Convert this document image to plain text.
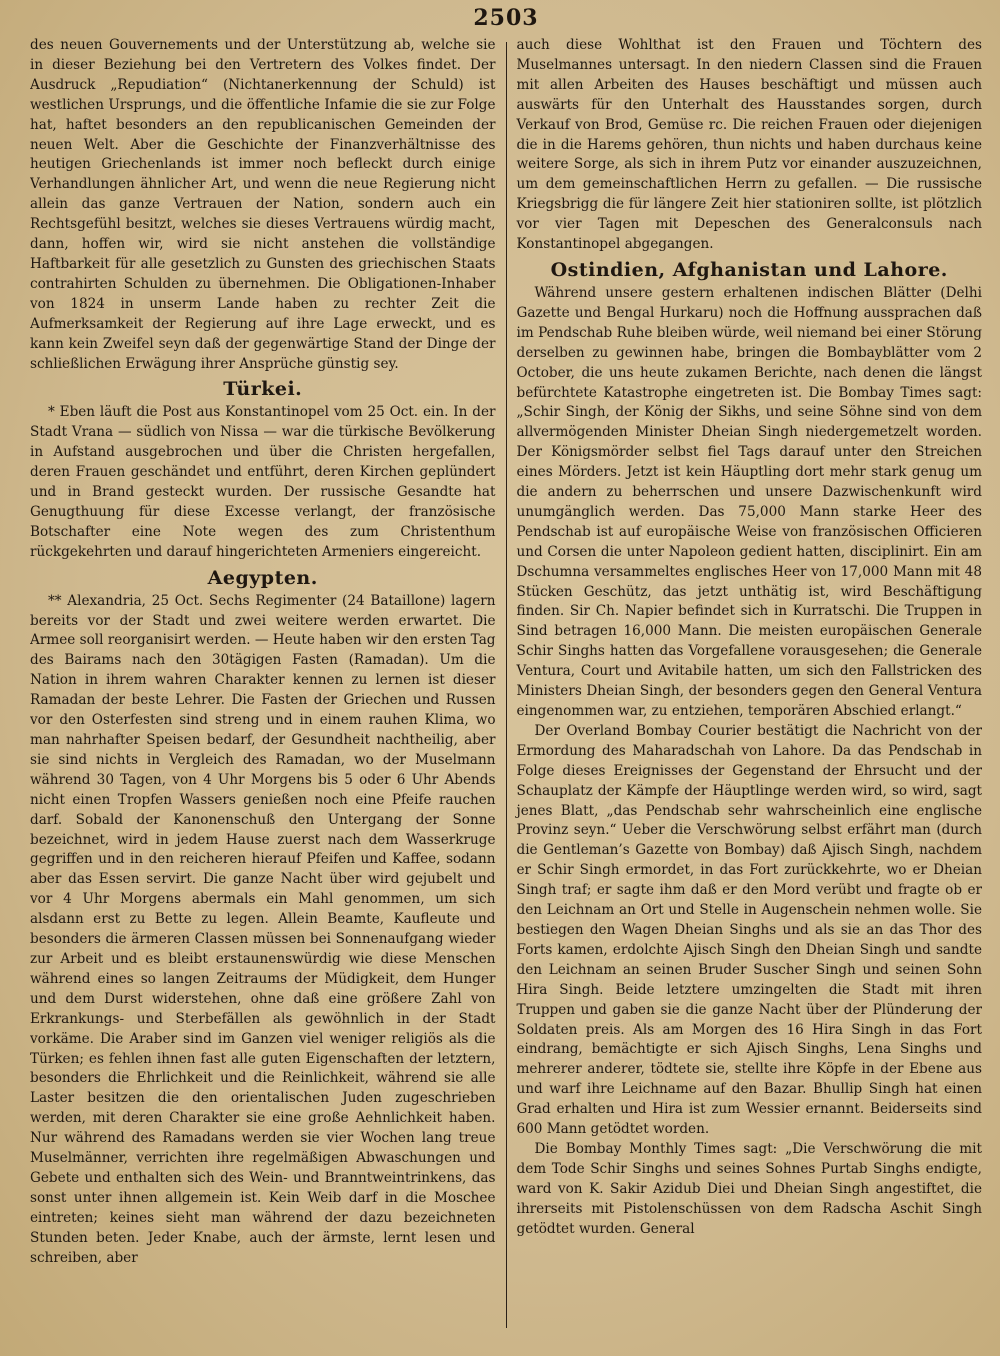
2503

des neuen Gouvernements und der Unterstützung ab, welche sie in dieser Beziehung bei den Vertretern des Volkes findet. Der Ausdruck „Repudiation“ (Nichtanerkennung der Schuld) ist westlichen Ursprungs, und die öffentliche Infamie die sie zur Folge hat, haftet besonders an den republicanischen Gemeinden der neuen Welt. Aber die Geschichte der Finanzverhältnisse des heutigen Griechenlands ist immer noch befleckt durch einige Verhandlungen ähnlicher Art, und wenn die neue Regierung nicht allein das ganze Vertrauen der Nation, sondern auch ein Rechtsgefühl besitzt, welches sie dieses Vertrauens würdig macht, dann, hoffen wir, wird sie nicht anstehen die vollständige Haftbarkeit für alle gesetzlich zu Gunsten des griechischen Staats contrahirten Schulden zu übernehmen. Die Obligationen-Inhaber von 1824 in unserm Lande haben zu rechter Zeit die Aufmerksamkeit der Regierung auf ihre Lage erweckt, und es kann kein Zweifel seyn daß der gegenwärtige Stand der Dinge der schließlichen Erwägung ihrer Ansprüche günstig sey.

Türkei.

* Eben läuft die Post aus Konstantinopel vom 25 Oct. ein. In der Stadt Vrana — südlich von Nissa — war die türkische Bevölkerung in Aufstand ausgebrochen und über die Christen hergefallen, deren Frauen geschändet und entführt, deren Kirchen geplündert und in Brand gesteckt wurden. Der russische Gesandte hat Genugthuung für diese Excesse verlangt, der französische Botschafter eine Note wegen des zum Christenthum rückgekehrten und darauf hingerichteten Armeniers eingereicht.

Aegypten.

** Alexandria, 25 Oct. Sechs Regimenter (24 Bataillone) lagern bereits vor der Stadt und zwei weitere werden erwartet. Die Armee soll reorganisirt werden. — Heute haben wir den ersten Tag des Bairams nach den 30tägigen Fasten (Ramadan). Um die Nation in ihrem wahren Charakter kennen zu lernen ist dieser Ramadan der beste Lehrer. Die Fasten der Griechen und Russen vor den Osterfesten sind streng und in einem rauhen Klima, wo man nahrhafter Speisen bedarf, der Gesundheit nachtheilig, aber sie sind nichts in Vergleich des Ramadan, wo der Muselmann während 30 Tagen, von 4 Uhr Morgens bis 5 oder 6 Uhr Abends nicht einen Tropfen Wassers genießen noch eine Pfeife rauchen darf. Sobald der Kanonenschuß den Untergang der Sonne bezeichnet, wird in jedem Hause zuerst nach dem Wasserkruge gegriffen und in den reicheren hierauf Pfeifen und Kaffee, sodann aber das Essen servirt. Die ganze Nacht über wird gejubelt und vor 4 Uhr Morgens abermals ein Mahl genommen, um sich alsdann erst zu Bette zu legen. Allein Beamte, Kaufleute und besonders die ärmeren Classen müssen bei Sonnenaufgang wieder zur Arbeit und es bleibt erstaunenswürdig wie diese Menschen während eines so langen Zeitraums der Müdigkeit, dem Hunger und dem Durst widerstehen, ohne daß eine größere Zahl von Erkrankungs- und Sterbefällen als gewöhnlich in der Stadt vorkäme. Die Araber sind im Ganzen viel weniger religiös als die Türken; es fehlen ihnen fast alle guten Eigenschaften der letztern, besonders die Ehrlichkeit und die Reinlichkeit, während sie alle Laster besitzen die den orientalischen Juden zugeschrieben werden, mit deren Charakter sie eine große Aehnlichkeit haben. Nur während des Ramadans werden sie vier Wochen lang treue Muselmänner, verrichten ihre regelmäßigen Abwaschungen und Gebete und enthalten sich des Wein- und Branntweintrinkens, das sonst unter ihnen allgemein ist. Kein Weib darf in die Moschee eintreten; keines sieht man während der dazu bezeichneten Stunden beten. Jeder Knabe, auch der ärmste, lernt lesen und schreiben, aber

auch diese Wohlthat ist den Frauen und Töchtern des Muselmannes untersagt. In den niedern Classen sind die Frauen mit allen Arbeiten des Hauses beschäftigt und müssen auch auswärts für den Unterhalt des Hausstandes sorgen, durch Verkauf von Brod, Gemüse rc. Die reichen Frauen oder diejenigen die in die Harems gehören, thun nichts und haben durchaus keine weitere Sorge, als sich in ihrem Putz vor einander auszuzeichnen, um dem gemeinschaftlichen Herrn zu gefallen. — Die russische Kriegsbrigg die für längere Zeit hier stationiren sollte, ist plötzlich vor vier Tagen mit Depeschen des Generalconsuls nach Konstantinopel abgegangen.

Ostindien, Afghanistan und Lahore.

Während unsere gestern erhaltenen indischen Blätter (Delhi Gazette und Bengal Hurkaru) noch die Hoffnung aussprachen daß im Pendschab Ruhe bleiben würde, weil niemand bei einer Störung derselben zu gewinnen habe, bringen die Bombayblätter vom 2 October, die uns heute zukamen Berichte, nach denen die längst befürchtete Katastrophe eingetreten ist. Die Bombay Times sagt: „Schir Singh, der König der Sikhs, und seine Söhne sind von dem allvermögenden Minister Dheian Singh niedergemetzelt worden. Der Königsmörder selbst fiel Tags darauf unter den Streichen eines Mörders. Jetzt ist kein Häuptling dort mehr stark genug um die andern zu beherrschen und unsere Dazwischenkunft wird unumgänglich werden. Das 75,000 Mann starke Heer des Pendschab ist auf europäische Weise von französischen Officieren und Corsen die unter Napoleon gedient hatten, disciplinirt. Ein am Dschumna versammeltes englisches Heer von 17,000 Mann mit 48 Stücken Geschütz, das jetzt unthätig ist, wird Beschäftigung finden. Sir Ch. Napier befindet sich in Kurratschi. Die Truppen in Sind betragen 16,000 Mann. Die meisten europäischen Generale Schir Singhs hatten das Vorgefallene vorausgesehen; die Generale Ventura, Court und Avitabile hatten, um sich den Fallstricken des Ministers Dheian Singh, der besonders gegen den General Ventura eingenommen war, zu entziehen, temporären Abschied erlangt.“

Der Overland Bombay Courier bestätigt die Nachricht von der Ermordung des Maharadschah von Lahore. Da das Pendschab in Folge dieses Ereignisses der Gegenstand der Ehrsucht und der Schauplatz der Kämpfe der Häuptlinge werden wird, so wird, sagt jenes Blatt, „das Pendschab sehr wahrscheinlich eine englische Provinz seyn.“ Ueber die Verschwörung selbst erfährt man (durch die Gentleman’s Gazette von Bombay) daß Ajisch Singh, nachdem er Schir Singh ermordet, in das Fort zurückkehrte, wo er Dheian Singh traf; er sagte ihm daß er den Mord verübt und fragte ob er den Leichnam an Ort und Stelle in Augenschein nehmen wolle. Sie bestiegen den Wagen Dheian Singhs und als sie an das Thor des Forts kamen, erdolchte Ajisch Singh den Dheian Singh und sandte den Leichnam an seinen Bruder Suscher Singh und seinen Sohn Hira Singh. Beide letztere umzingelten die Stadt mit ihren Truppen und gaben sie die ganze Nacht über der Plünderung der Soldaten preis. Als am Morgen des 16 Hira Singh in das Fort eindrang, bemächtigte er sich Ajisch Singhs, Lena Singhs und mehrerer anderer, tödtete sie, stellte ihre Köpfe in der Ebene aus und warf ihre Leichname auf den Bazar. Bhullip Singh hat einen Grad erhalten und Hira ist zum Wessier ernannt. Beiderseits sind 600 Mann getödtet worden.

Die Bombay Monthly Times sagt: „Die Verschwörung die mit dem Tode Schir Singhs und seines Sohnes Purtab Singhs endigte, ward von K. Sakir Azidub Diei und Dheian Singh angestiftet, die ihrerseits mit Pistolenschüssen von dem Radscha Aschit Singh getödtet wurden. General
